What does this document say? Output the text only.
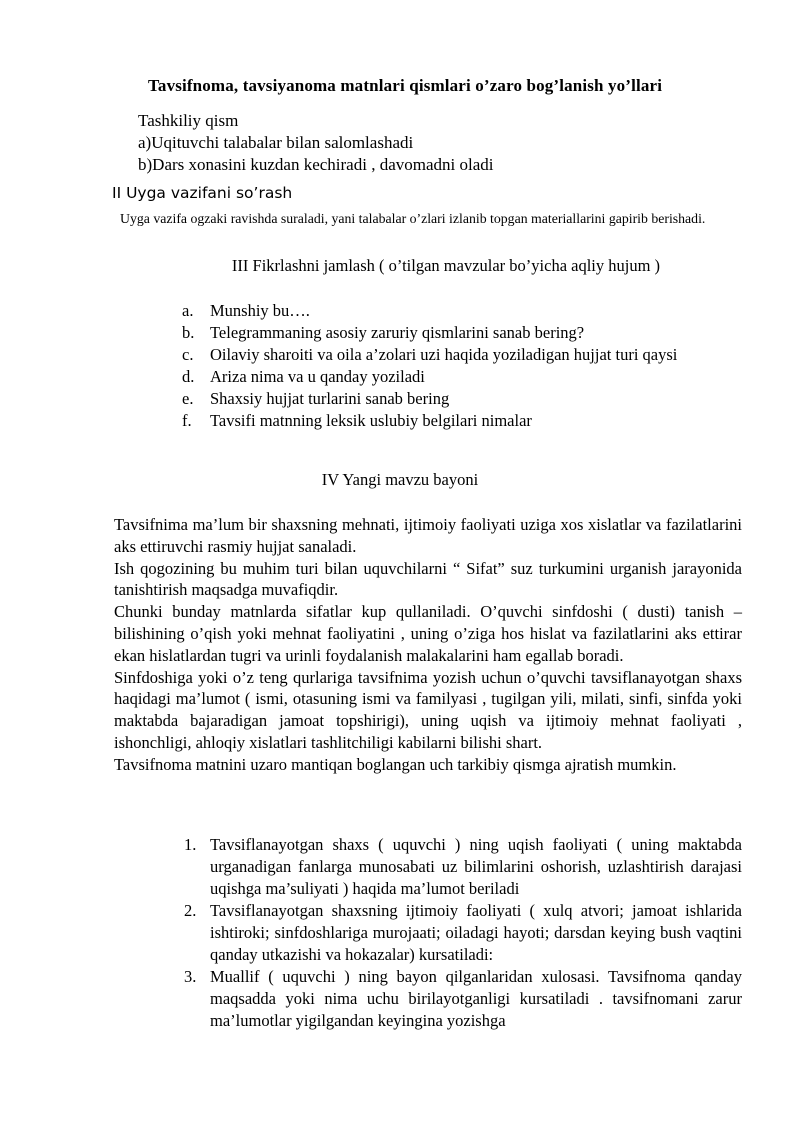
Tavsifnoma, tavsiyanoma matnlari qismlari o’zaro bog’lanish yo’llari
Tashkiliy qism
a)Uqituvchi talabalar bilan salomlashadi
b)Dars xonasini kuzdan kechiradi , davomadni oladi
II Uyga vazifani so’rash
Uyga vazifa ogzaki ravishda suraladi, yani talabalar o’zlari izlanib topgan materiallarini gapirib berishadi.
III Fikrlashni jamlash ( o’tilgan mavzular bo’yicha aqliy hujum )
a. Munshiy bu….
b. Telegrammaning asosiy zaruriy qismlarini sanab bering?
c. Oilaviy sharoiti va oila a’zolari uzi haqida yoziladigan hujjat turi qaysi
d. Ariza nima va u qanday yoziladi
e. Shaxsiy hujjat turlarini sanab bering
f. Tavsifi matnning leksik uslubiy belgilari nimalar
IV Yangi mavzu bayoni

Tavsifnima ma’lum bir shaxsning mehnati, ijtimoiy faoliyati uziga xos xislatlar va fazilatlarini aks ettiruvchi rasmiy hujjat sanaladi.

Ish qogozining bu muhim turi bilan uquvchilarni “ Sifat” suz turkumini urganish jarayonida tanishtirish maqsadga muvafiqdir.

Chunki bunday matnlarda sifatlar kup qullaniladi. O’quvchi sinfdoshi ( dusti) tanish – bilishining o’qish yoki mehnat faoliyatini , uning o’ziga hos hislat va fazilatlarini aks ettirar ekan hislatlardan tugri va urinli foydalanish malakalarini ham egallab boradi.

Sinfdoshiga yoki o’z teng qurlariga tavsifnima yozish uchun o’quvchi tavsiflanayotgan shaxs haqidagi ma’lumot ( ismi, otasuning ismi va familyasi , tugilgan yili, milati, sinfi, sinfda yoki maktabda bajaradigan jamoat topshirigi), uning uqish va ijtimoiy mehnat faoliyati , ishonchligi, ahloqiy xislatlari tashlitchiligi kabilarni bilishi shart.

Tavsifnoma matnini uzaro mantiqan boglangan uch tarkibiy qismga ajratish mumkin.

1. Tavsiflanayotgan shaxs ( uquvchi ) ning uqish faoliyati ( uning maktabda urganadigan fanlarga munosabati uz bilimlarini oshorish, uzlashtirish darajasi uqishga ma’suliyati ) haqida ma’lumot beriladi
2. Tavsiflanayotgan shaxsning ijtimoiy faoliyati ( xulq atvori; jamoat ishlarida ishtiroki; sinfdoshlariga murojaati; oiladagi hayoti; darsdan keying bush vaqtini qanday utkazishi va hokazalar) kursatiladi:
3. Muallif ( uquvchi ) ning bayon qilganlaridan xulosasi. Tavsifnoma qanday maqsadda yoki nima uchu birilayotganligi kursatiladi . tavsifnomani zarur ma’lumotlar yigilgandan keyingina yozishga
